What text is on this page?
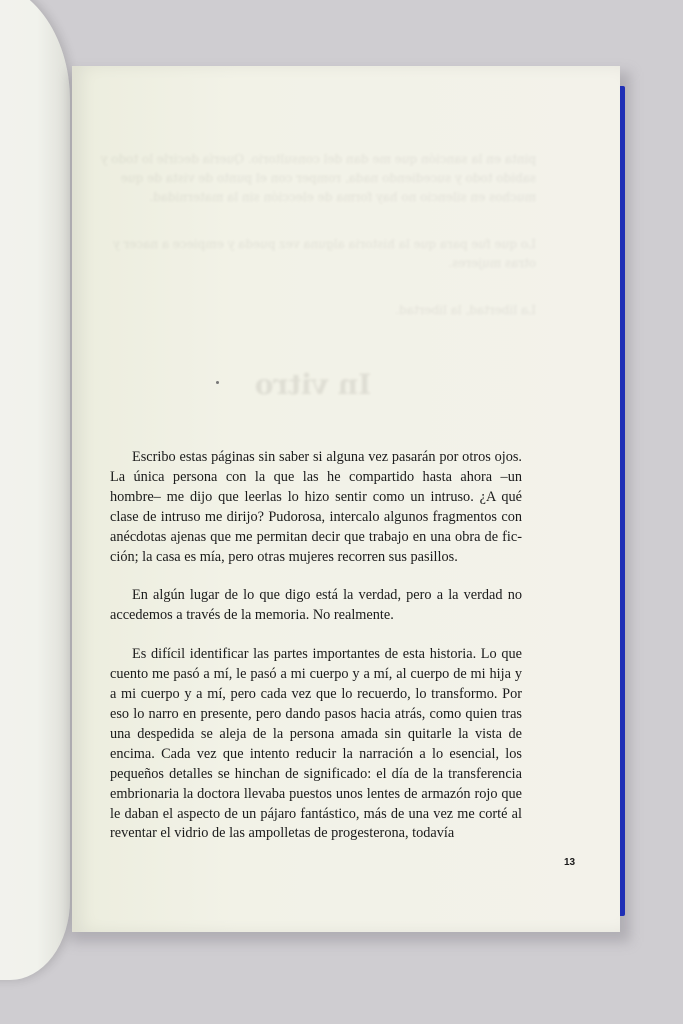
pinta en la sanción que me dan del consultorio. Quería decirle lo todo y sabido todo y sucediendo nada, romper con el punto de vista de que muchos en silencio no hay forma de elección sin la maternidad.

Lo que fue para que la historia alguna vez pueda y empiece a nacer y otras mujeres.

La libertad, la libertad.

In vitro

Escribo estas páginas sin saber si alguna vez pasarán por otros ojos. La única persona con la que las he compartido hasta ahora –un hombre– me dijo que leerlas lo hizo sentir como un intruso. ¿A qué clase de intruso me dirijo? Pudorosa, intercalo algunos fragmentos con anécdotas ajenas que me permitan decir que trabajo en una obra de ficción; la casa es mía, pero otras mujeres recorren sus pasillos.

En algún lugar de lo que digo está la verdad, pero a la verdad no accedemos a través de la memoria. No realmente.

Es difícil identificar las partes importantes de esta historia. Lo que cuento me pasó a mí, le pasó a mi cuerpo y a mí, al cuerpo de mi hija y a mi cuerpo y a mí, pero cada vez que lo recuerdo, lo transformo. Por eso lo narro en presente, pero dando pasos hacia atrás, como quien tras una despedida se aleja de la persona amada sin quitarle la vista de encima. Cada vez que intento reducir la narración a lo esencial, los pequeños detalles se hinchan de significado: el día de la transferencia embrionaria la doctora llevaba puestos unos lentes de armazón rojo que le daban el aspecto de un pájaro fantástico, más de una vez me corté al reventar el vidrio de las ampolletas de progesterona, todavía

13
